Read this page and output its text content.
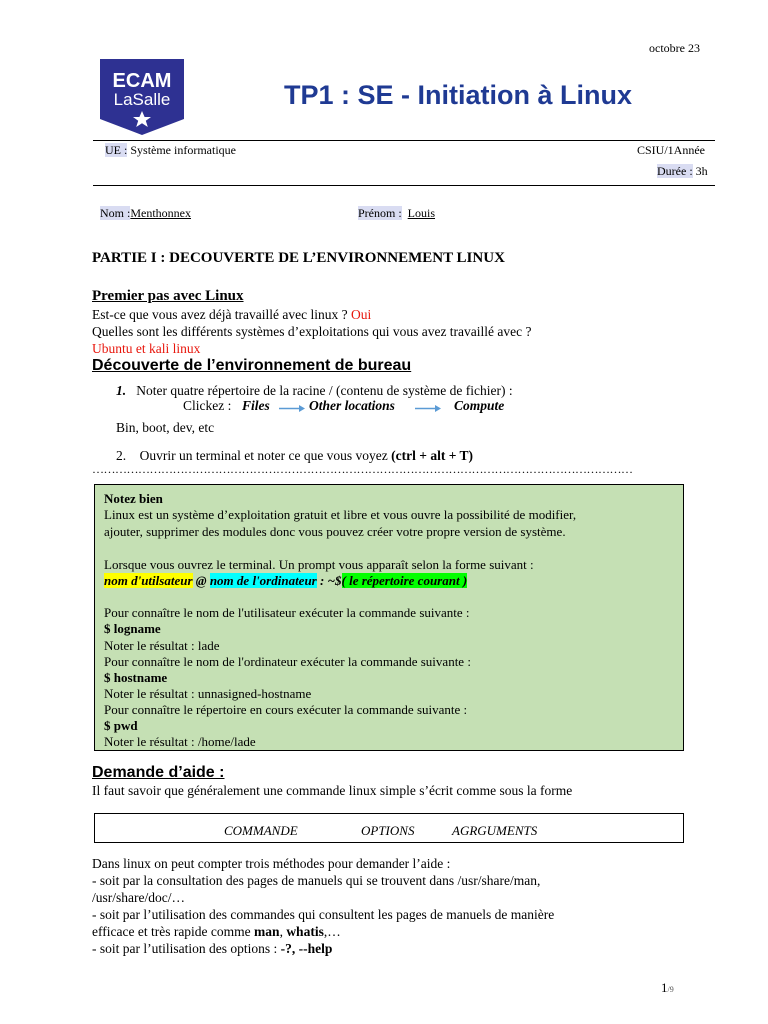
octobre 23
ECAM
LaSalle	TP1 : SE - Initiation à Linux
UE : Système informatique	CSIU/1Année
Durée : 3h
Nom :Menthonnex	Prénom : Louis
PARTIE I : DECOUVERTE DE L’ENVIRONNEMENT LINUX
Premier pas avec Linux
Est-ce que vous avez déjà travaillé avec linux ? Oui
Quelles sont les différents systèmes d’exploitations qui vous avez travaillé avec ?
Ubuntu et kali linux
Découverte de l’environnement de bureau
1. Noter quatre répertoire de la racine / (contenu de système de fichier) :
Clickez : Files	Other locations	Compute
Bin, boot, dev, etc
2. Ouvrir un terminal et noter ce que vous voyez (ctrl + alt + T)
……………………………………………………………………………………………………………………………
Notez bien
Linux est un système d’exploitation gratuit et libre et vous ouvre la possibilité de modifier,
ajouter, supprimer des modules donc vous pouvez créer votre propre version de système.
Lorsque vous ouvrez le terminal. Un prompt vous apparaît selon la forme suivant :
nom d'utilsateur @ nom de l'ordinateur : ~$( le répertoire courant )
Pour connaître le nom de l'utilisateur exécuter la commande suivante :
$ logname
Noter le résultat : lade
Pour connaître le nom de l'ordinateur exécuter la commande suivante :
$ hostname
Noter le résultat : unnasigned-hostname
Pour connaître le répertoire en cours exécuter la commande suivante :
$ pwd
Noter le résultat : /home/lade
Demande d’aide :
Il faut savoir que généralement une commande linux simple s’écrit comme sous la forme
COMMANDE	OPTIONS	AGRGUMENTS
Dans linux on peut compter trois méthodes pour demander l’aide :
- soit par la consultation des pages de manuels qui se trouvent dans /usr/share/man,
/usr/share/doc/…
- soit par l’utilisation des commandes qui consultent les pages de manuels de manière
efficace et très rapide comme man, whatis,…
- soit par l’utilisation des options : -?, --help
1/9
